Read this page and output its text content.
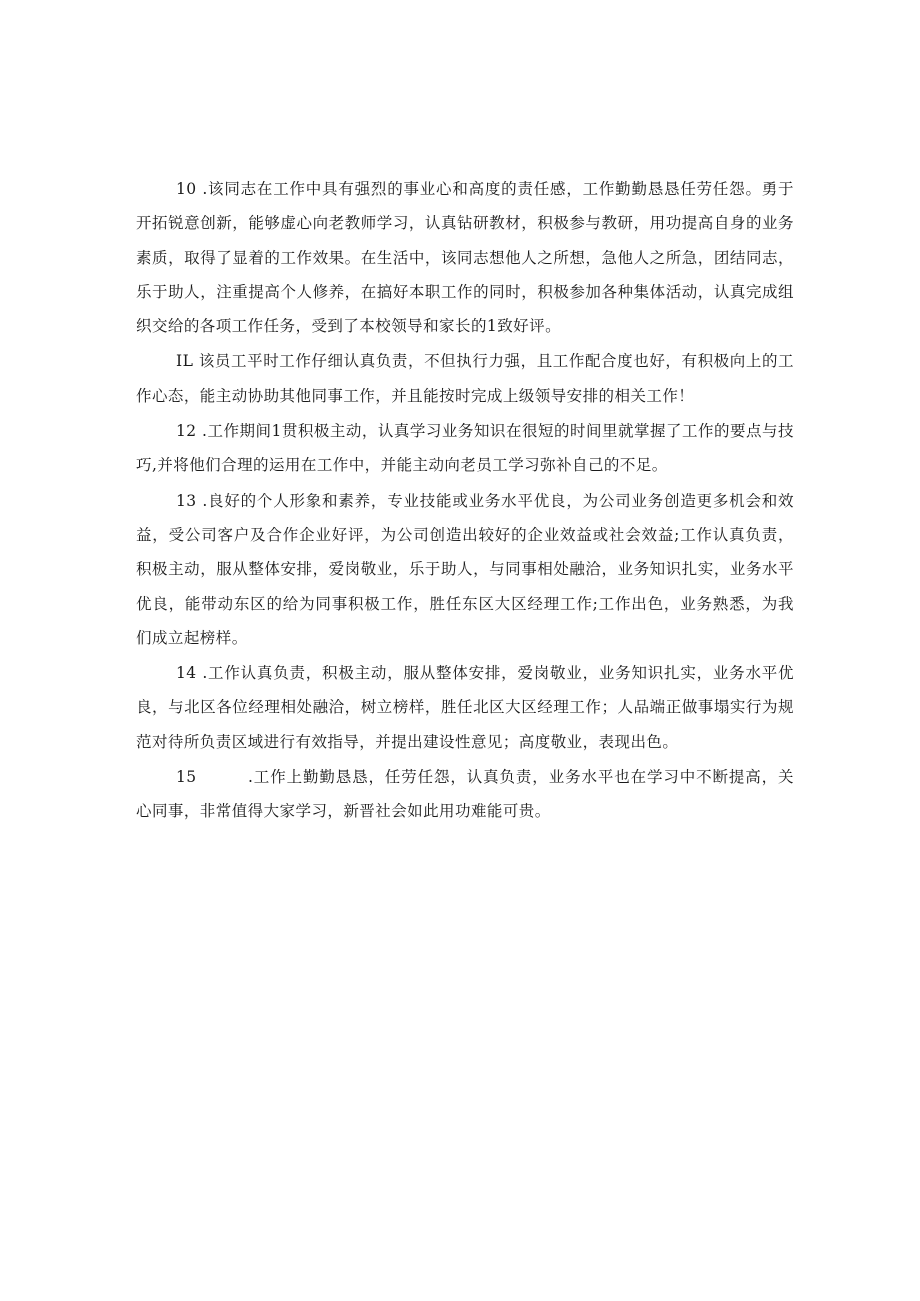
10 .该同志在工作中具有强烈的事业心和高度的责任感，工作勤勤恳恳任劳任怨。勇于开拓锐意创新，能够虚心向老教师学习，认真钻研教材，积极参与教研，用功提高自身的业务素质，取得了显着的工作效果。在生活中，该同志想他人之所想，急他人之所急，团结同志，乐于助人，注重提高个人修养，在搞好本职工作的同时，积极参加各种集体活动，认真完成组织交给的各项工作任务，受到了本校领导和家长的1致好评。

IL 该员工平时工作仔细认真负责，不但执行力强，且工作配合度也好，有积极向上的工作心态，能主动协助其他同事工作，并且能按时完成上级领导安排的相关工作！

12 .工作期间1贯积极主动，认真学习业务知识在很短的时间里就掌握了工作的要点与技巧,并将他们合理的运用在工作中，并能主动向老员工学习弥补自己的不足。

13 .良好的个人形象和素养，专业技能或业务水平优良，为公司业务创造更多机会和效益，受公司客户及合作企业好评，为公司创造出较好的企业效益或社会效益;工作认真负责，积极主动，服从整体安排，爱岗敬业，乐于助人，与同事相处融洽，业务知识扎实，业务水平优良，能带动东区的给为同事积极工作，胜任东区大区经理工作;工作出色，业务熟悉，为我们成立起榜样。

14 .工作认真负责，积极主动，服从整体安排，爱岗敬业，业务知识扎实，业务水平优良，与北区各位经理相处融洽，树立榜样，胜任北区大区经理工作；人品端正做事塌实行为规范对待所负责区域进行有效指导，并提出建设性意见；高度敬业，表现出色。

15	.工作上勤勤恳恳，任劳任怨，认真负责，业务水平也在学习中不断提高，关心同事，非常值得大家学习，新晋社会如此用功难能可贵。
